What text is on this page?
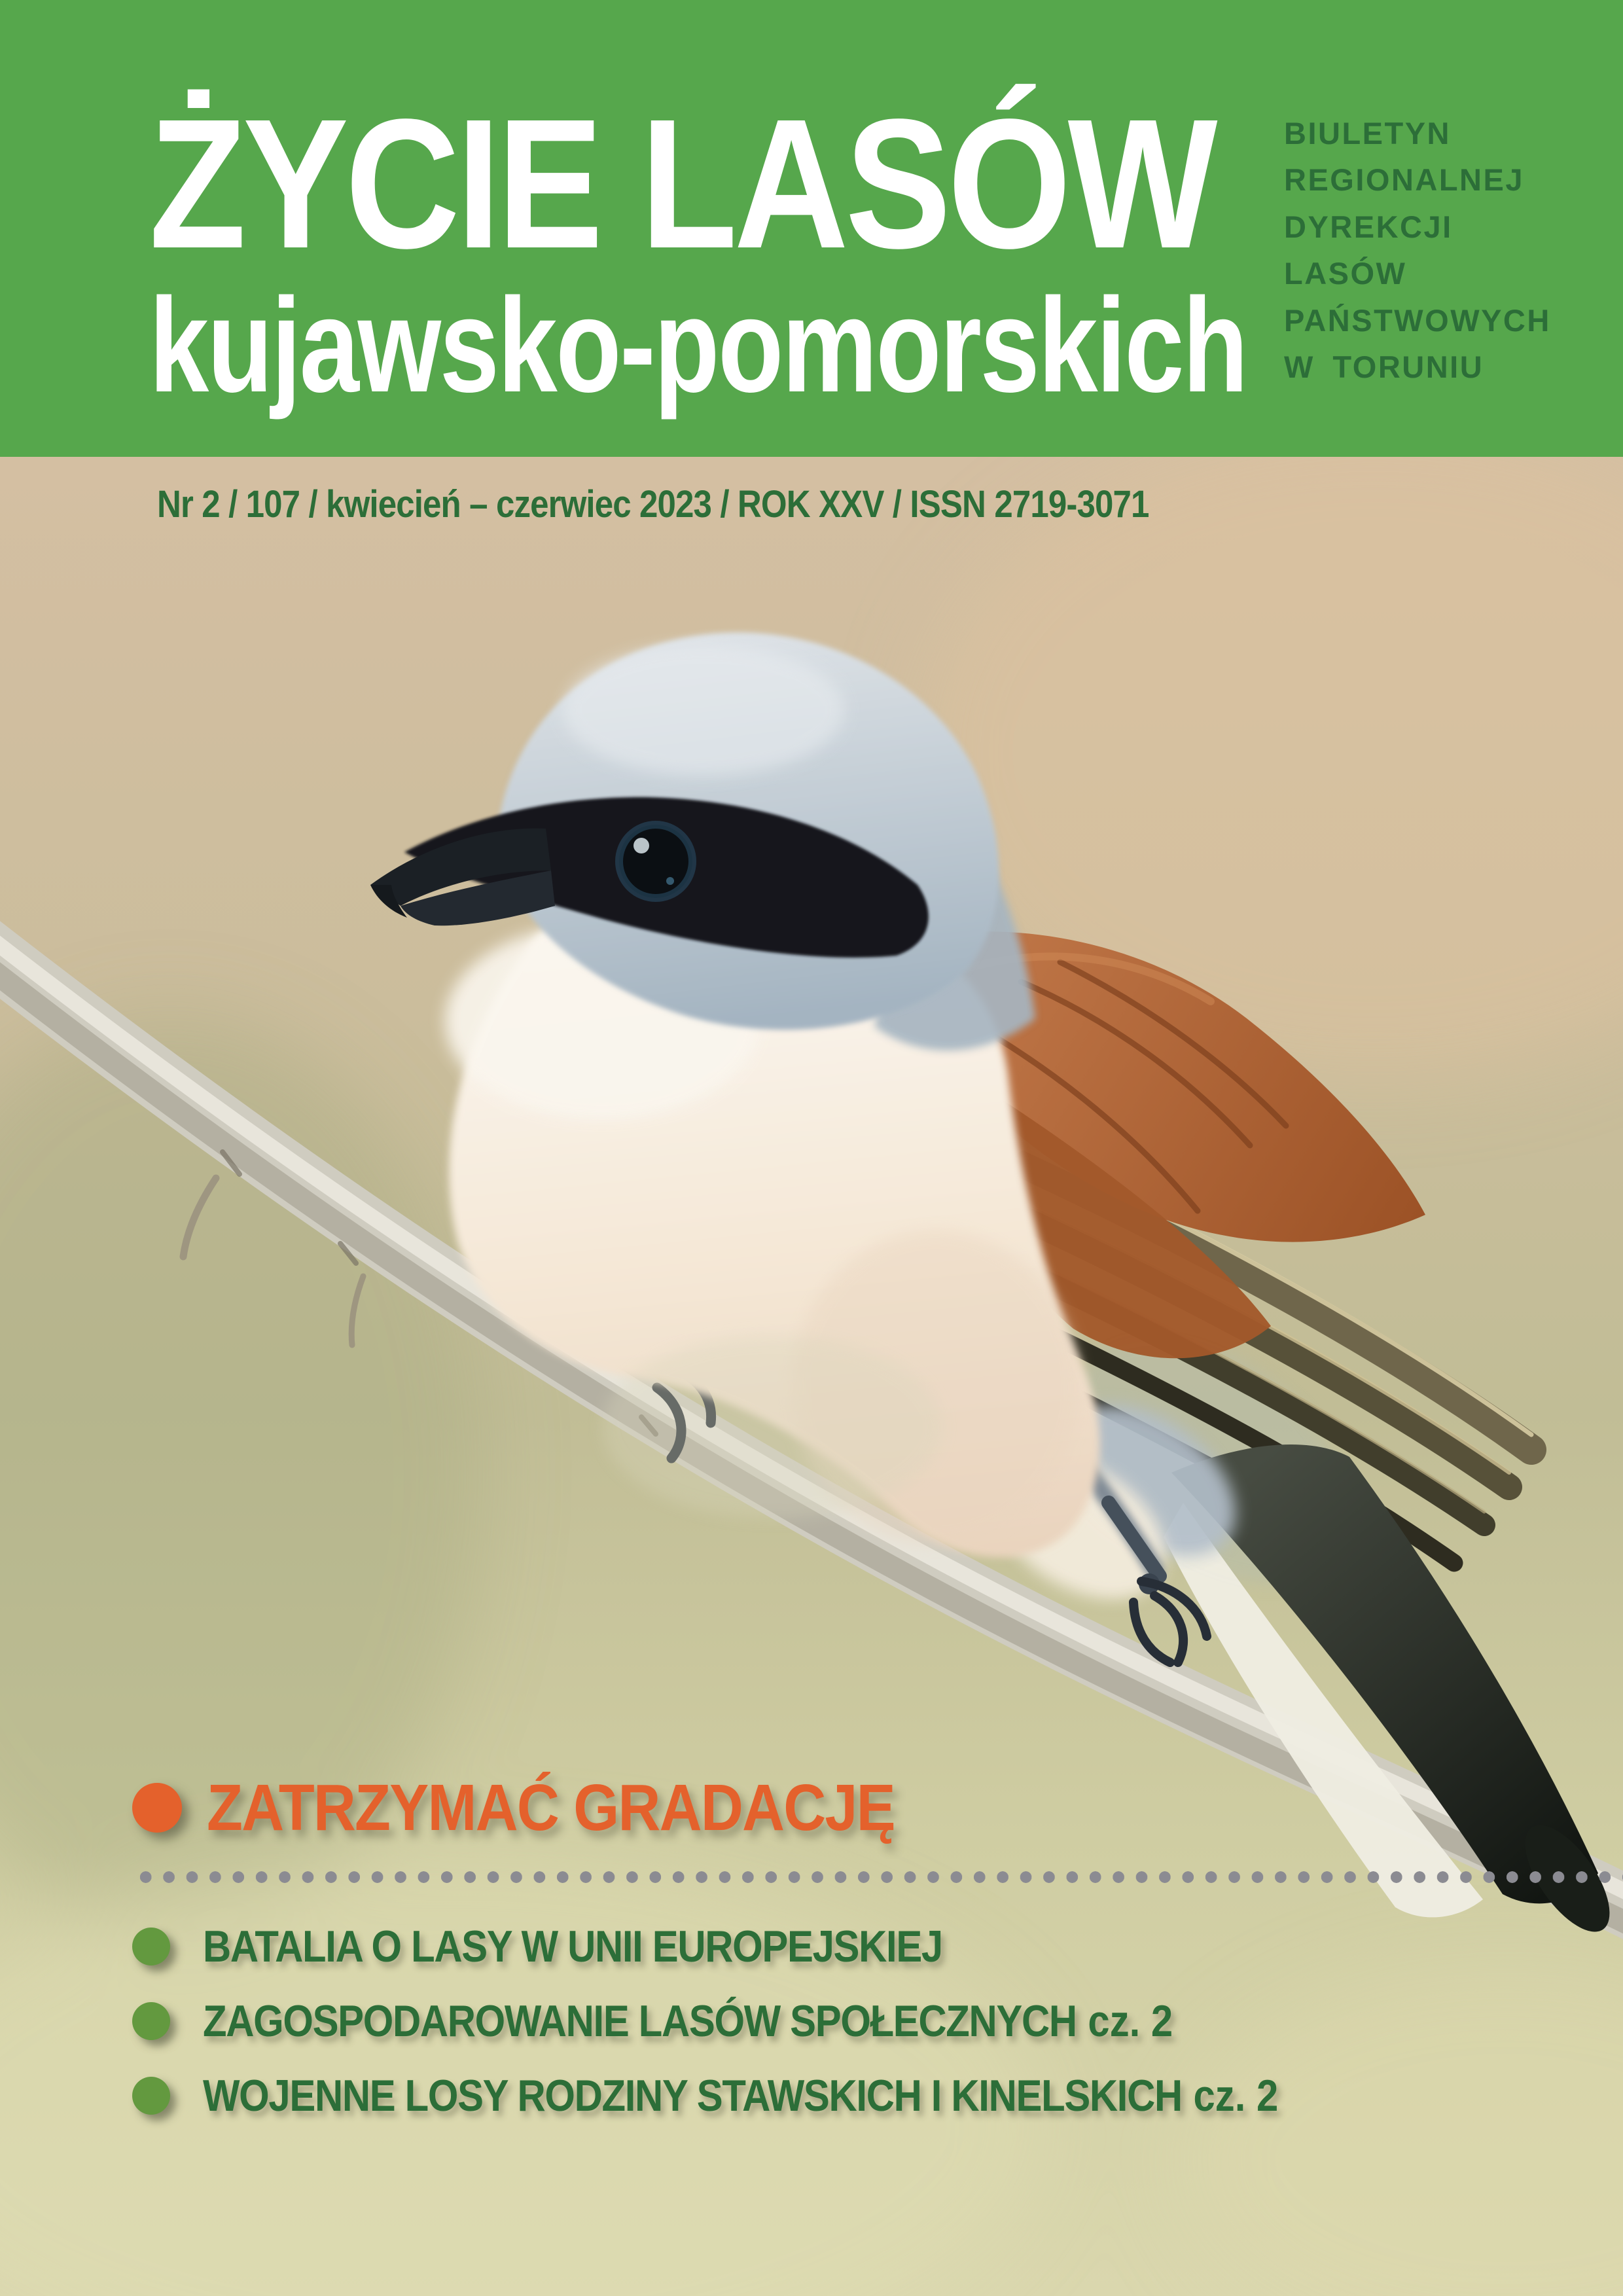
ŻYCIE LASÓW
kujawsko-pomorskich
BIULETYN
REGIONALNEJ
DYREKCJI
LASÓW
PAŃSTWOWYCH
W TORUNIU
Nr 2 / 107 / kwiecień – czerwiec 2023 / ROK XXV / ISSN 2719-3071
ZATRZYMAĆ GRADACJĘ
BATALIA O LASY W UNII EUROPEJSKIEJ
ZAGOSPODAROWANIE LASÓW SPOŁECZNYCH cz. 2
WOJENNE LOSY RODZINY STAWSKICH I KINELSKICH cz. 2
